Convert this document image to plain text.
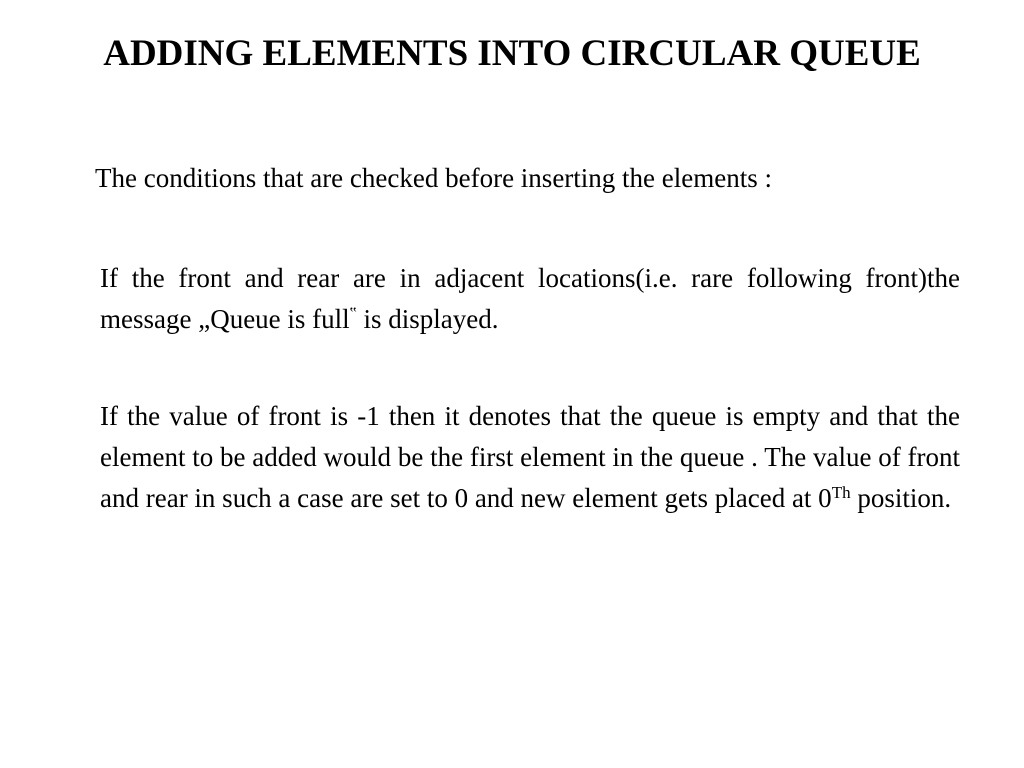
ADDING ELEMENTS INTO CIRCULAR QUEUE

The conditions that are checked before inserting the elements :

If the front and rear are in adjacent locations(i.e. rare following front)the message „Queue is full‟ is displayed.

If the value of front is -1 then it denotes that the queue is empty and that the element to be added would be the first element in the queue . The value of front and rear in such a case are set to 0 and new element gets placed at 0Th position.
